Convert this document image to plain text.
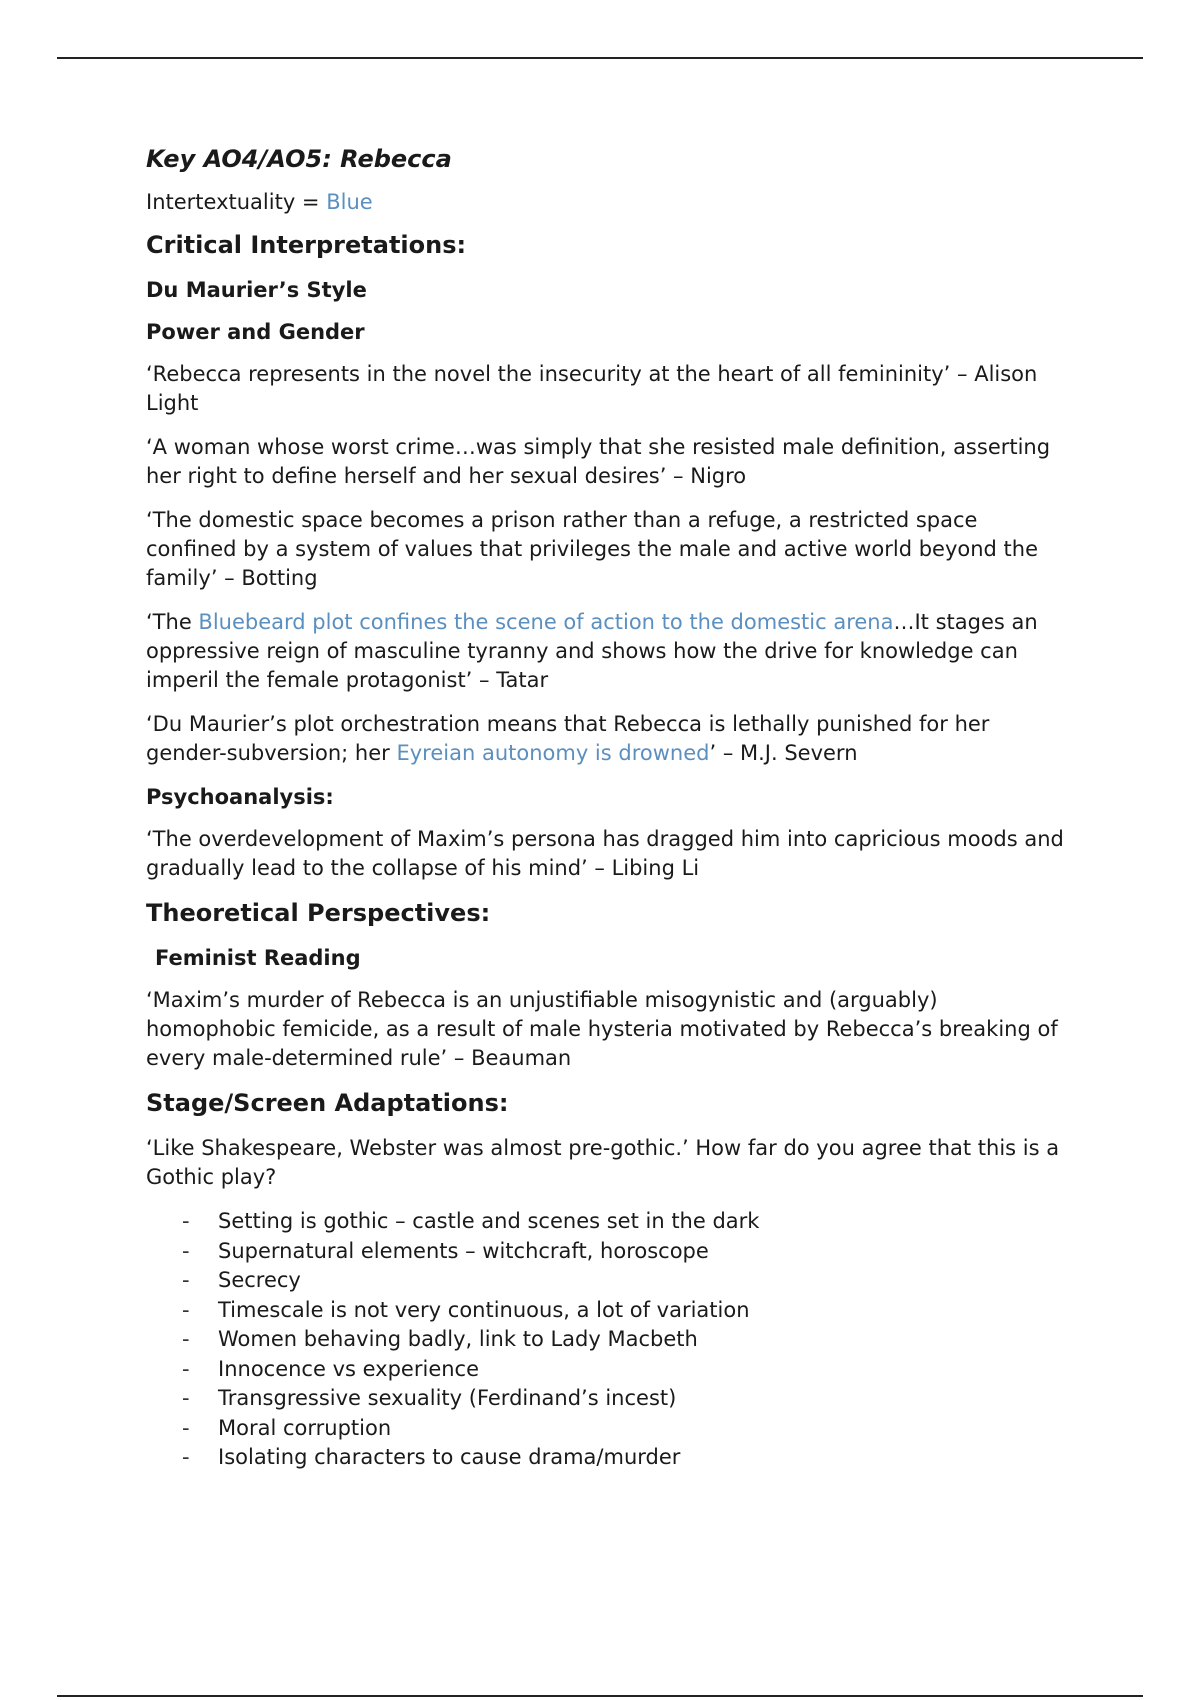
Key AO4/AO5: Rebecca
Intertextuality = Blue
Critical Interpretations:
Du Maurier’s Style
Power and Gender

‘Rebecca represents in the novel the insecurity at the heart of all femininity’ – Alison Light

‘A woman whose worst crime…was simply that she resisted male definition, asserting her right to define herself and her sexual desires’ – Nigro

‘The domestic space becomes a prison rather than a refuge, a restricted space confined by a system of values that privileges the male and active world beyond the family’ – Botting

‘The Bluebeard plot confines the scene of action to the domestic arena…It stages an oppressive reign of masculine tyranny and shows how the drive for knowledge can imperil the female protagonist’ – Tatar

‘Du Maurier’s plot orchestration means that Rebecca is lethally punished for her gender-subversion; her Eyreian autonomy is drowned’ – M.J. Severn

Psychoanalysis:

‘The overdevelopment of Maxim’s persona has dragged him into capricious moods and gradually lead to the collapse of his mind’ – Libing Li

Theoretical Perspectives:
Feminist Reading

‘Maxim’s murder of Rebecca is an unjustifiable misogynistic and (arguably) homophobic femicide, as a result of male hysteria motivated by Rebecca’s breaking of every male-determined rule’ – Beauman

Stage/Screen Adaptations:

‘Like Shakespeare, Webster was almost pre-gothic.’ How far do you agree that this is a Gothic play?

- Setting is gothic – castle and scenes set in the dark
- Supernatural elements – witchcraft, horoscope
- Secrecy
- Timescale is not very continuous, a lot of variation
- Women behaving badly, link to Lady Macbeth
- Innocence vs experience
- Transgressive sexuality (Ferdinand’s incest)
- Moral corruption
- Isolating characters to cause drama/murder
